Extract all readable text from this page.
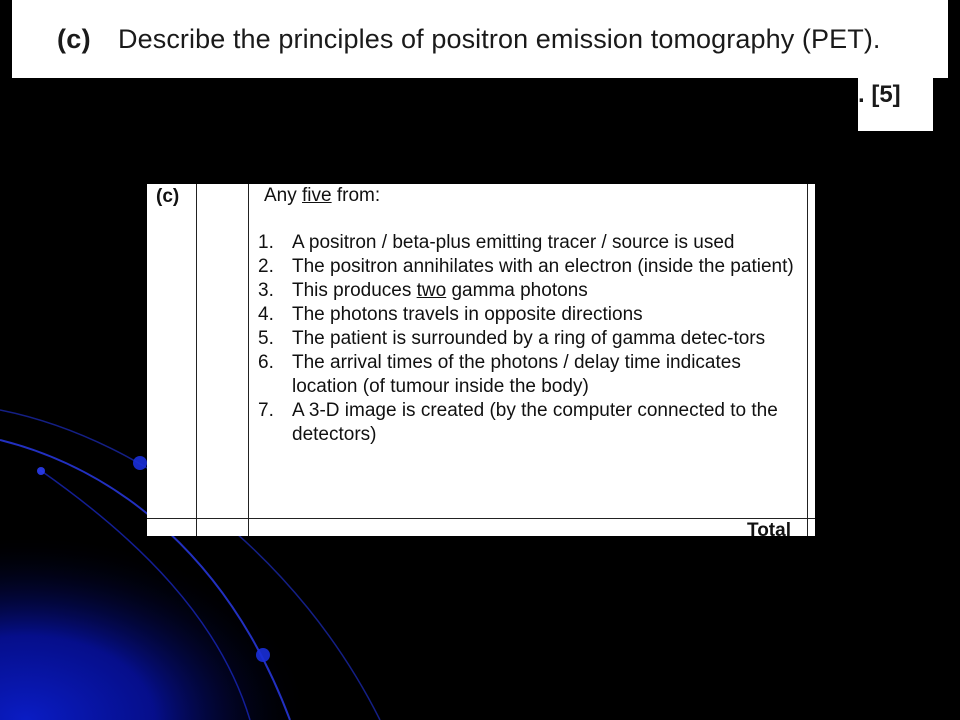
(c) Describe the principles of positron emission tomography (PET).
. [5]
(c)	Any five from:
1. A positron / beta-plus emitting tracer / source is used
2. The positron annihilates with an electron (inside the patient)
3. This produces two gamma photons
4. The photons travels in opposite directions
5. The patient is surrounded by a ring of gamma detec-tors
6. The arrival times of the photons / delay time indicates location (of tumour inside the body)
7. A 3-D image is created (by the computer connected to the detectors)
Total
